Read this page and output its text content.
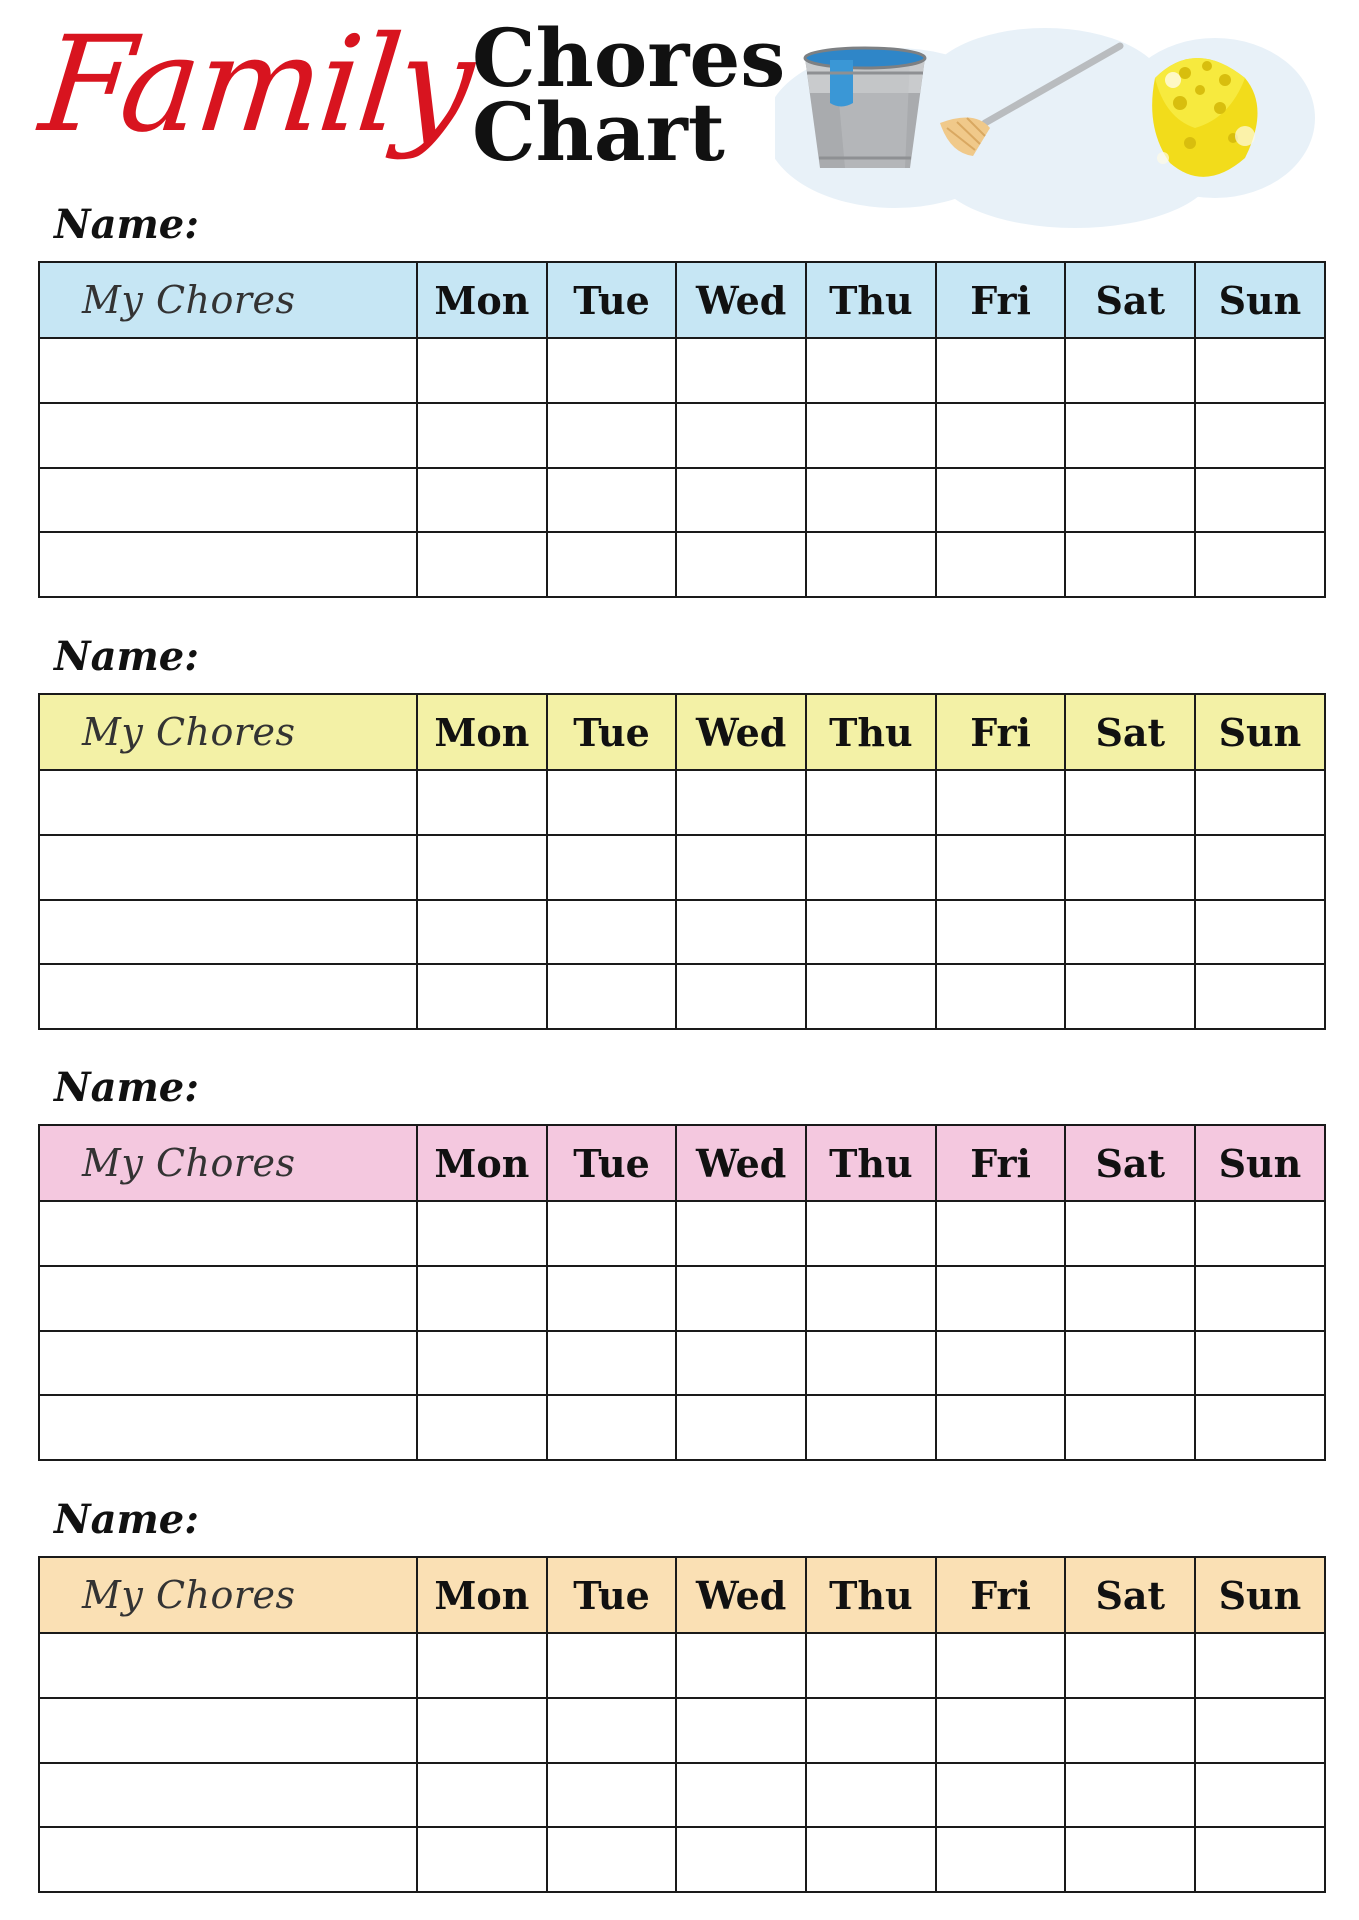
Family
Chores
Chart
Name:
My Chores	Mon	Tue	Wed	Thu	Fri	Sat	Sun

Name:
My Chores	Mon	Tue	Wed	Thu	Fri	Sat	Sun

Name:
My Chores	Mon	Tue	Wed	Thu	Fri	Sat	Sun

Name:
My Chores	Mon	Tue	Wed	Thu	Fri	Sat	Sun
